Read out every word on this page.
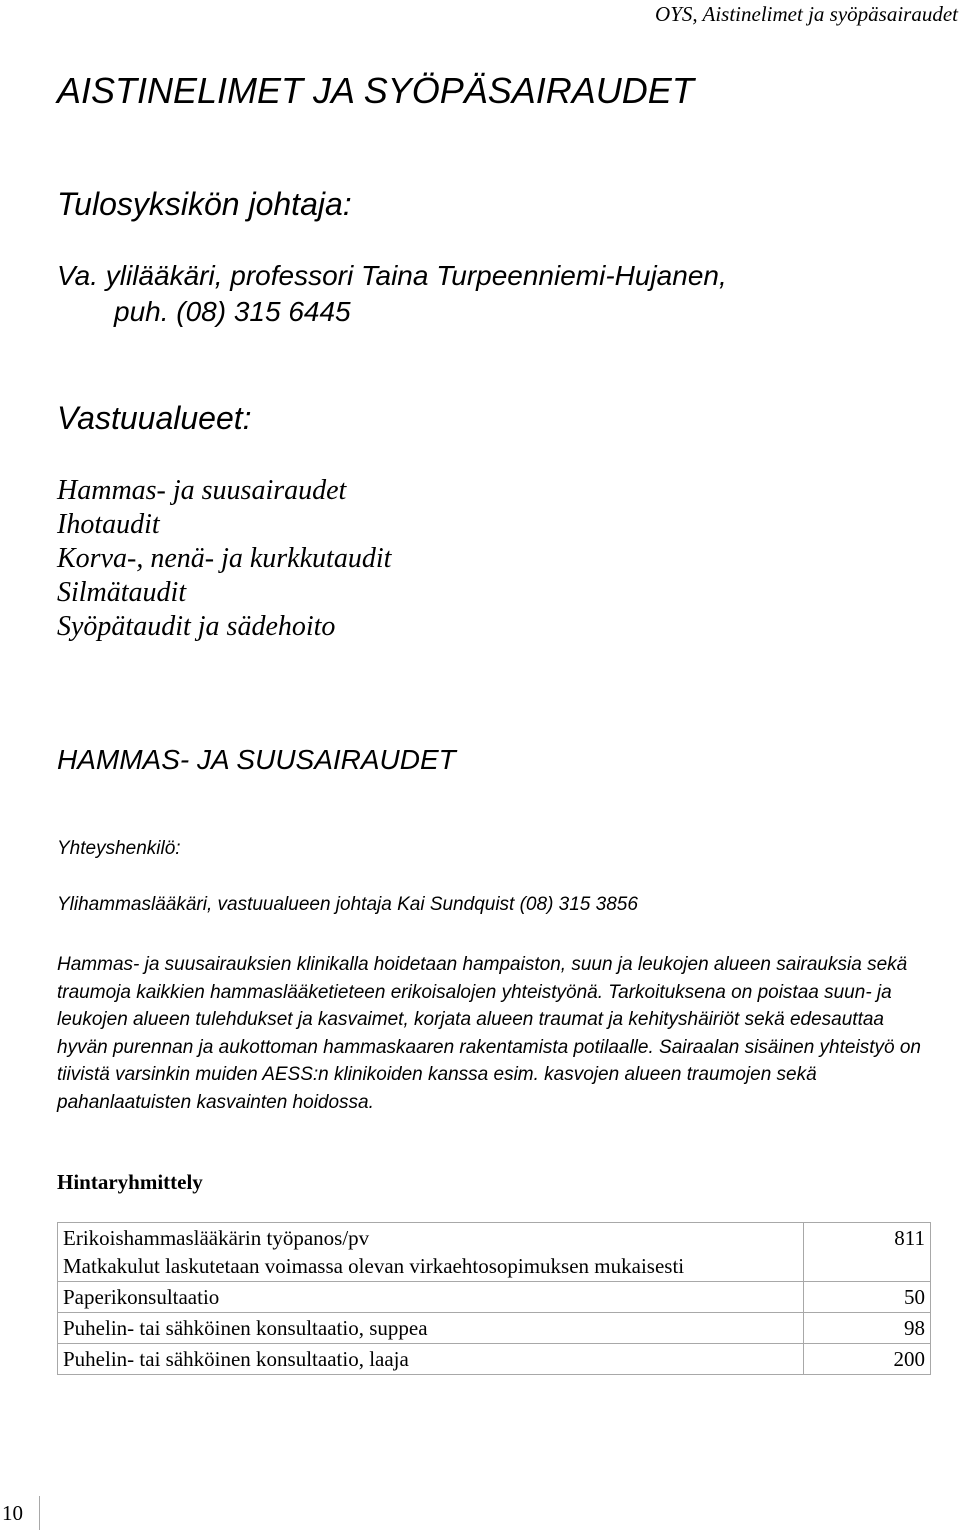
OYS, Aistinelimet ja syöpäsairaudet
AISTINELIMET JA SYÖPÄSAIRAUDET
Tulosyksikön johtaja:
Va. ylilääkäri, professori Taina Turpeenniemi-Hujanen,
puh. (08) 315 6445
Vastuualueet:
Hammas- ja suusairaudet
Ihotaudit
Korva-, nenä- ja kurkkutaudit
Silmätaudit
Syöpätaudit ja sädehoito
HAMMAS- JA SUUSAIRAUDET
Yhteyshenkilö:
Ylihammaslääkäri, vastuualueen johtaja Kai Sundquist (08) 315 3856

Hammas- ja suusairauksien klinikalla hoidetaan hampaiston, suun ja leukojen alueen sairauksia sekä traumoja kaikkien hammaslääketieteen erikoisalojen yhteistyönä. Tarkoituksena on poistaa suun- ja leukojen alueen tulehdukset ja kasvaimet, korjata alueen traumat ja kehityshäiriöt sekä edesauttaa hyvän purennan ja aukottoman hammaskaaren rakentamista potilaalle. Sairaalan sisäinen yhteistyö on tiivistä varsinkin muiden AESS:n klinikoiden kanssa esim. kasvojen alueen traumojen sekä pahanlaatuisten kasvainten hoidossa.

Hintaryhmittely
Erikoishammaslääkärin työpanos/pv
Matkakulut laskutetaan voimassa olevan virkaehtosopimuksen mukaisesti	811
Paperikonsultaatio	50
Puhelin- tai sähköinen konsultaatio, suppea	98
Puhelin- tai sähköinen konsultaatio, laaja	200
10
